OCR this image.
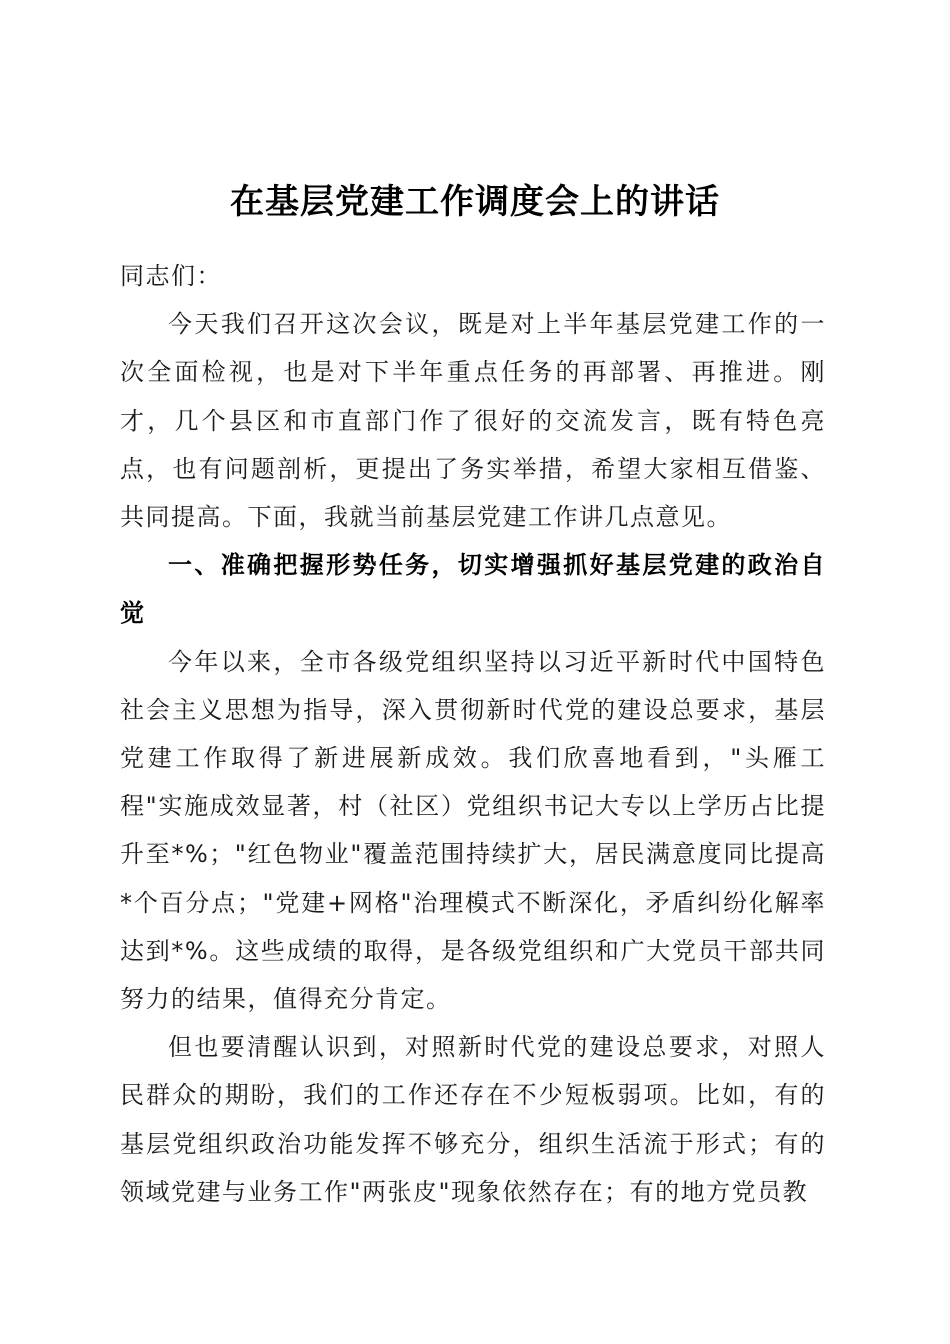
在基层党建工作调度会上的讲话

同志们：

今天我们召开这次会议，既是对上半年基层党建工作的一次全面检视，也是对下半年重点任务的再部署、再推进。刚才，几个县区和市直部门作了很好的交流发言，既有特色亮点，也有问题剖析，更提出了务实举措，希望大家相互借鉴、共同提高。下面，我就当前基层党建工作讲几点意见。

一、准确把握形势任务，切实增强抓好基层党建的政治自觉

今年以来，全市各级党组织坚持以习近平新时代中国特色社会主义思想为指导，深入贯彻新时代党的建设总要求，基层党建工作取得了新进展新成效。我们欣喜地看到，"头雁工程"实施成效显著，村（社区）党组织书记大专以上学历占比提升至*%；"红色物业"覆盖范围持续扩大，居民满意度同比提高*个百分点；"党建+网格"治理模式不断深化，矛盾纠纷化解率达到*%。这些成绩的取得，是各级党组织和广大党员干部共同努力的结果，值得充分肯定。

但也要清醒认识到，对照新时代党的建设总要求，对照人民群众的期盼，我们的工作还存在不少短板弱项。比如，有的基层党组织政治功能发挥不够充分，组织生活流于形式；有的领域党建与业务工作"两张皮"现象依然存在；有的地方党员教
